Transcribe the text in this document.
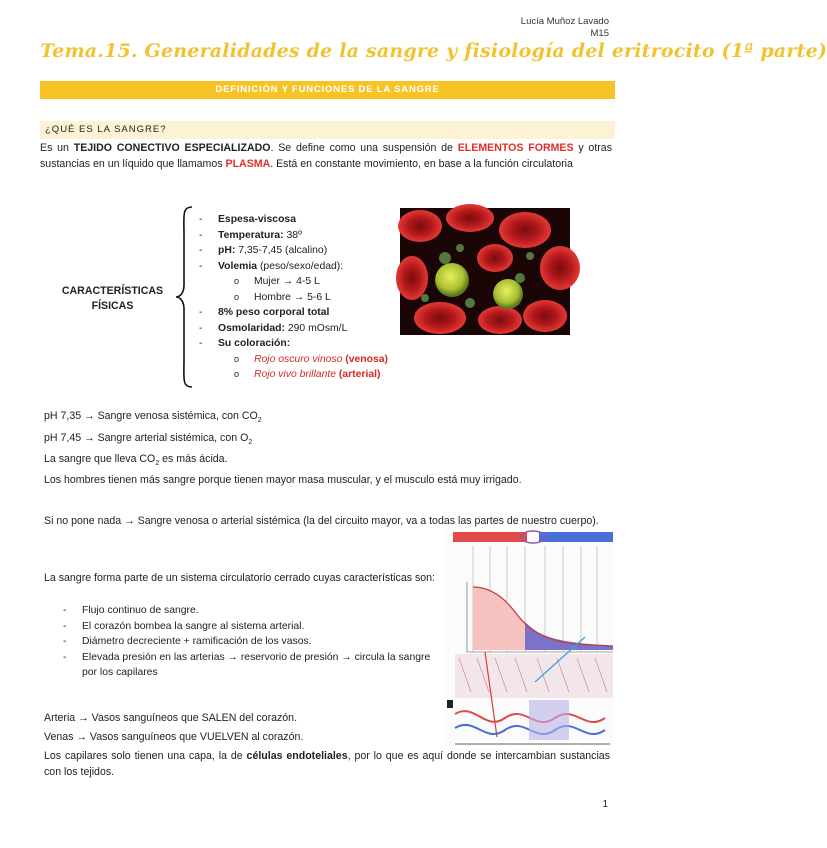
Lucía Muñoz Lavado
M15
Tema.15. Generalidades de la sangre y fisiología del eritrocito (1ª parte)
DEFINICIÓN Y FUNCIONES DE LA SANGRE
¿QUÉ ES LA SANGRE?
Es un TEJIDO CONECTIVO ESPECIALIZADO. Se define como una suspensión de ELEMENTOS FORMES y otras sustancias en un líquido que llamamos PLASMA. Está en constante movimiento, en base a la función circulatoria
CARACTERÍSTICAS
FÍSICAS
- Espesa-viscosa
- Temperatura: 38º
- pH: 7,35-7,45 (alcalino)
- Volemia (peso/sexo/edad):
o Mujer → 4-5 L
o Hombre → 5-6 L
- 8% peso corporal total
- Osmolaridad: 290 mOsm/L
- Su coloración:
o Rojo oscuro vinoso (venosa)
o Rojo vivo brillante (arterial)
pH 7,35 → Sangre venosa sistémica, con $CO_2$
pH 7,45 → Sangre arterial sistémica, con $O_2$
La sangre que lleva $CO_2$ es más ácida.
Los hombres tienen más sangre porque tienen mayor masa muscular, y el musculo está muy irrigado.
Si no pone nada → Sangre venosa o arterial sistémica (la del circuito mayor, va a todas las partes de nuestro cuerpo).
La sangre forma parte de un sistema circulatorio cerrado cuyas características son:
- Flujo continuo de sangre.
- El corazón bombea la sangre al sistema arterial.
- Diámetro decreciente + ramificación de los vasos.
- Elevada presión en las arterias → reservorio de presión → circula la sangre por los capilares
Arteria → Vasos sanguíneos que SALEN del corazón.
Venas → Vasos sanguíneos que VUELVEN al corazón.
Los capilares solo tienen una capa, la de células endoteliales, por lo que es aquí donde se intercambian sustancias con los tejidos.
1
